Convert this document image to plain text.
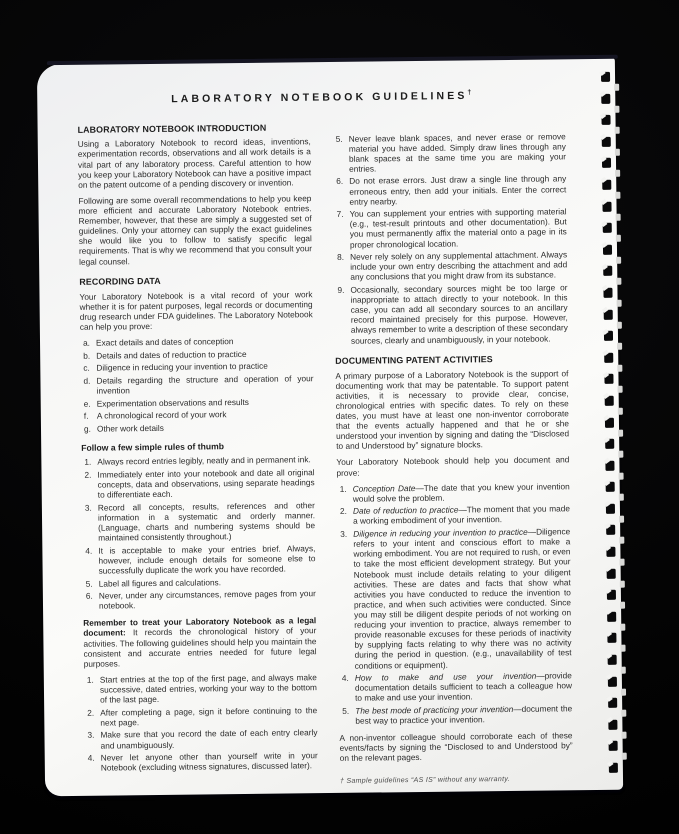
LABORATORY NOTEBOOK GUIDELINES†
LABORATORY NOTEBOOK INTRODUCTION

Using a Laboratory Notebook to record ideas, inventions, experimentation records, observations and all work details is a vital part of any laboratory process. Careful attention to how you keep your Laboratory Notebook can have a positive impact on the patent outcome of a pending discovery or invention.

Following are some overall recommendations to help you keep more efficient and accurate Laboratory Notebook entries. Remember, however, that these are simply a suggested set of guidelines. Only your attorney can supply the exact guidelines she would like you to follow to satisfy specific legal requirements. That is why we recommend that you consult your legal counsel.

RECORDING DATA

Your Laboratory Notebook is a vital record of your work whether it is for patent purposes, legal records or documenting drug research under FDA guidelines. The Laboratory Notebook can help you prove:

a. Exact details and dates of conception
b. Details and dates of reduction to practice
c. Diligence in reducing your invention to practice
d. Details regarding the structure and operation of your invention
e. Experimentation observations and results
f. A chronological record of your work
g. Other work details
Follow a few simple rules of thumb
1. Always record entries legibly, neatly and in permanent ink.
2. Immediately enter into your notebook and date all original concepts, data and observations, using separate headings to differentiate each.
3. Record all concepts, results, references and other information in a systematic and orderly manner. (Language, charts and numbering systems should be maintained consistently throughout.)
4. It is acceptable to make your entries brief. Always, however, include enough details for someone else to successfully duplicate the work you have recorded.
5. Label all figures and calculations.
6. Never, under any circumstances, remove pages from your notebook.

Remember to treat your Laboratory Notebook as a legal document: It records the chronological history of your activities. The following guidelines should help you maintain the consistent and accurate entries needed for future legal purposes.

1. Start entries at the top of the first page, and always make successive, dated entries, working your way to the bottom of the last page.
2. After completing a page, sign it before continuing to the next page.
3. Make sure that you record the date of each entry clearly and unambiguously.
4. Never let anyone other than yourself write in your Notebook (excluding witness signatures, discussed later).
5. Never leave blank spaces, and never erase or remove material you have added. Simply draw lines through any blank spaces at the same time you are making your entries.
6. Do not erase errors. Just draw a single line through any erroneous entry, then add your initials. Enter the correct entry nearby.
7. You can supplement your entries with supporting material (e.g., test-result printouts and other documentation). But you must permanently affix the material onto a page in its proper chronological location.
8. Never rely solely on any supplemental attachment. Always include your own entry describing the attachment and add any conclusions that you might draw from its substance.
9. Occasionally, secondary sources might be too large or inappropriate to attach directly to your notebook. In this case, you can add all secondary sources to an ancillary record maintained precisely for this purpose. However, always remember to write a description of these secondary sources, clearly and unambiguously, in your notebook.
DOCUMENTING PATENT ACTIVITIES

A primary purpose of a Laboratory Notebook is the support of documenting work that may be patentable. To support patent activities, it is necessary to provide clear, concise, chronological entries with specific dates. To rely on these dates, you must have at least one non-inventor corroborate that the events actually happened and that he or she understood your invention by signing and dating the “Disclosed to and Understood by” signature blocks.

Your Laboratory Notebook should help you document and prove:

1. Conception Date—The date that you knew your invention would solve the problem.
2. Date of reduction to practice—The moment that you made a working embodiment of your invention.
3. Diligence in reducing your invention to practice—Diligence refers to your intent and conscious effort to make a working embodiment. You are not required to rush, or even to take the most efficient development strategy. But your Notebook must include details relating to your diligent activities. These are dates and facts that show what activities you have conducted to reduce the invention to practice, and when such activities were conducted. Since you may still be diligent despite periods of not working on reducing your invention to practice, always remember to provide reasonable excuses for these periods of inactivity by supplying facts relating to why there was no activity during the period in question. (e.g., unavailability of test conditions or equipment).
4. How to make and use your invention—provide documentation details sufficient to teach a colleague how to make and use your invention.
5. The best mode of practicing your invention—document the best way to practice your invention.

A non-inventor colleague should corroborate each of these events/facts by signing the “Disclosed to and Understood by” on the relevant pages.

† Sample guidelines “AS IS” without any warranty.
